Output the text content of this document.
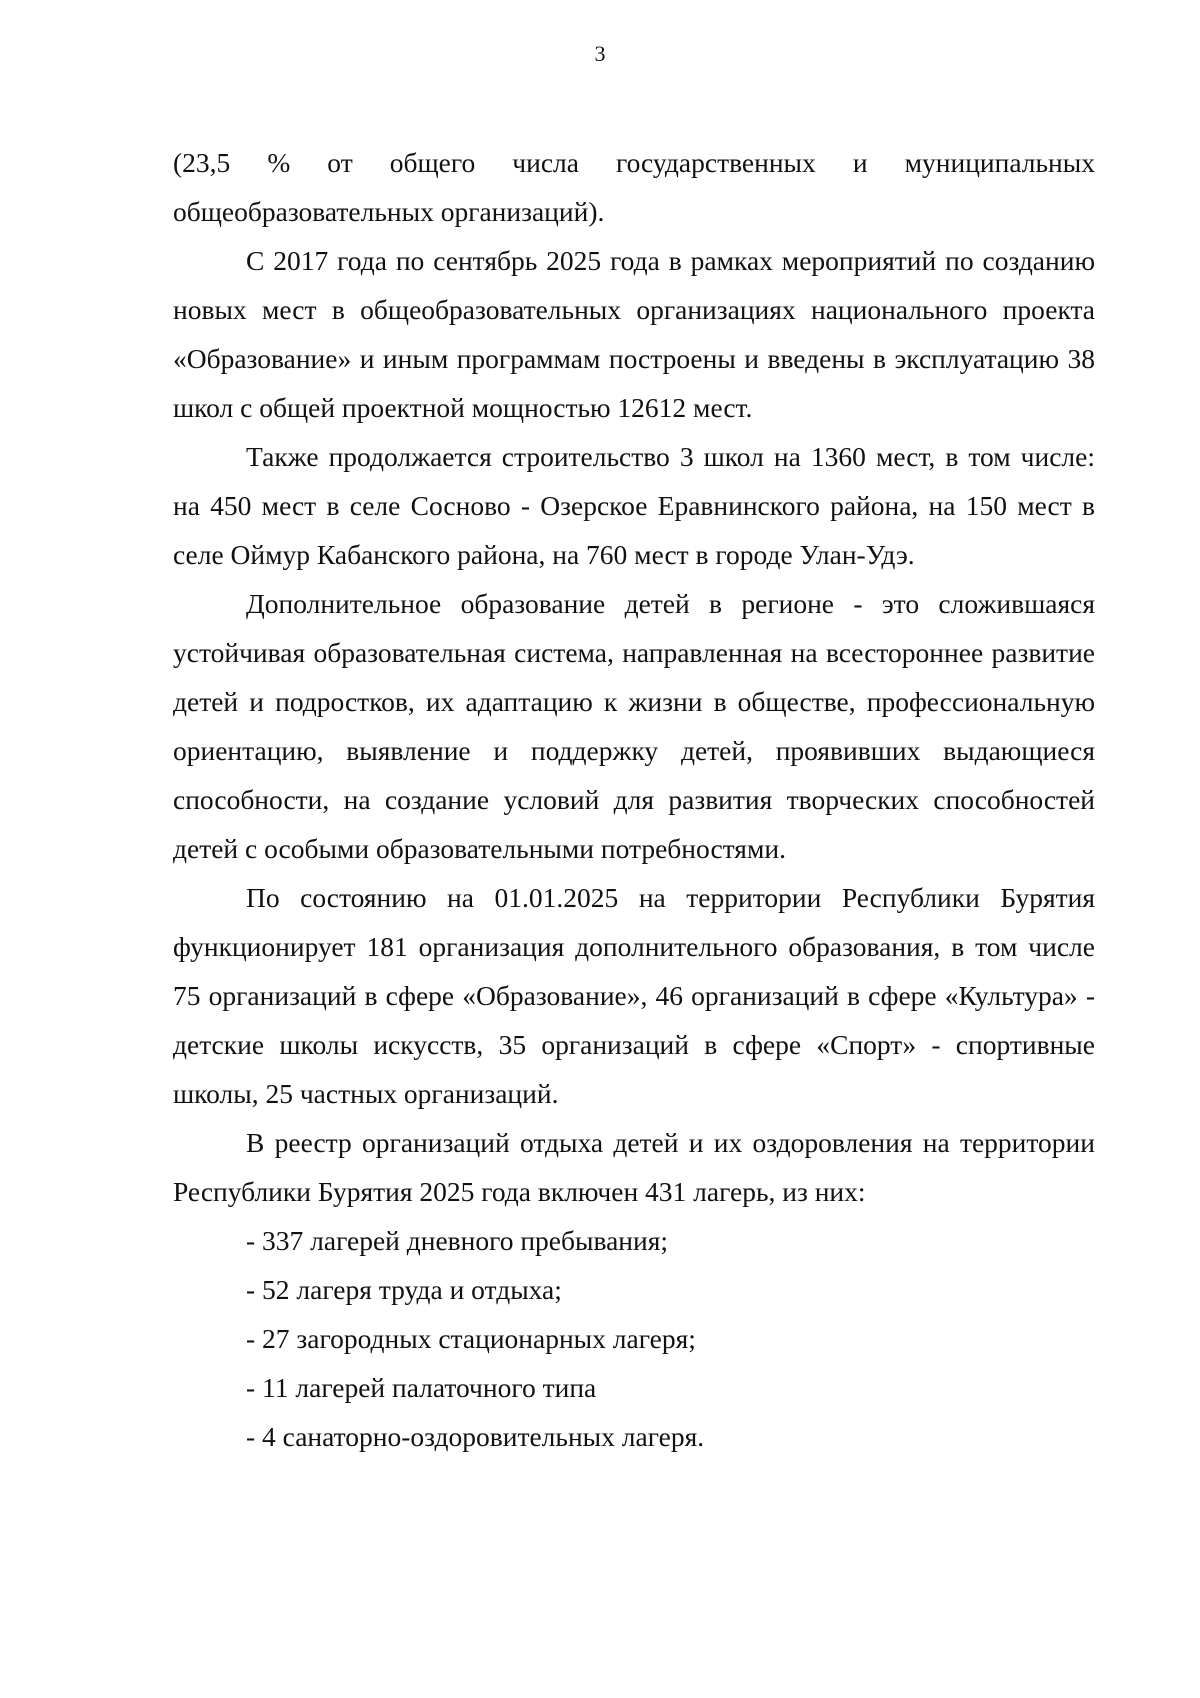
3

(23,5 % от общего числа государственных и муниципальных общеобразовательных организаций).

С 2017 года по сентябрь 2025 года в рамках мероприятий по созданию новых мест в общеобразовательных организациях национального проекта «Образование» и иным программам построены и введены в эксплуатацию 38 школ с общей проектной мощностью 12612 мест.

Также продолжается строительство 3 школ на 1360 мест, в том числе: на 450 мест в селе Сосново - Озерское Еравнинского района, на 150 мест в селе Оймур Кабанского района, на 760 мест в городе Улан-Удэ.

Дополнительное образование детей в регионе - это сложившаяся устойчивая образовательная система, направленная на всестороннее развитие детей и подростков, их адаптацию к жизни в обществе, профессиональную ориентацию, выявление и поддержку детей, проявивших выдающиеся способности, на создание условий для развития творческих способностей детей с особыми образовательными потребностями.

По состоянию на 01.01.2025 на территории Республики Бурятия функционирует 181 организация дополнительного образования, в том числе 75 организаций в сфере «Образование», 46 организаций в сфере «Культура» - детские школы искусств, 35 организаций в сфере «Спорт» - спортивные школы, 25 частных организаций.

В реестр организаций отдыха детей и их оздоровления на территории Республики Бурятия 2025 года включен 431 лагерь, из них:

- 337 лагерей дневного пребывания;
- 52 лагеря труда и отдыха;
- 27 загородных стационарных лагеря;
- 11 лагерей палаточного типа
- 4 санаторно-оздоровительных лагеря.
